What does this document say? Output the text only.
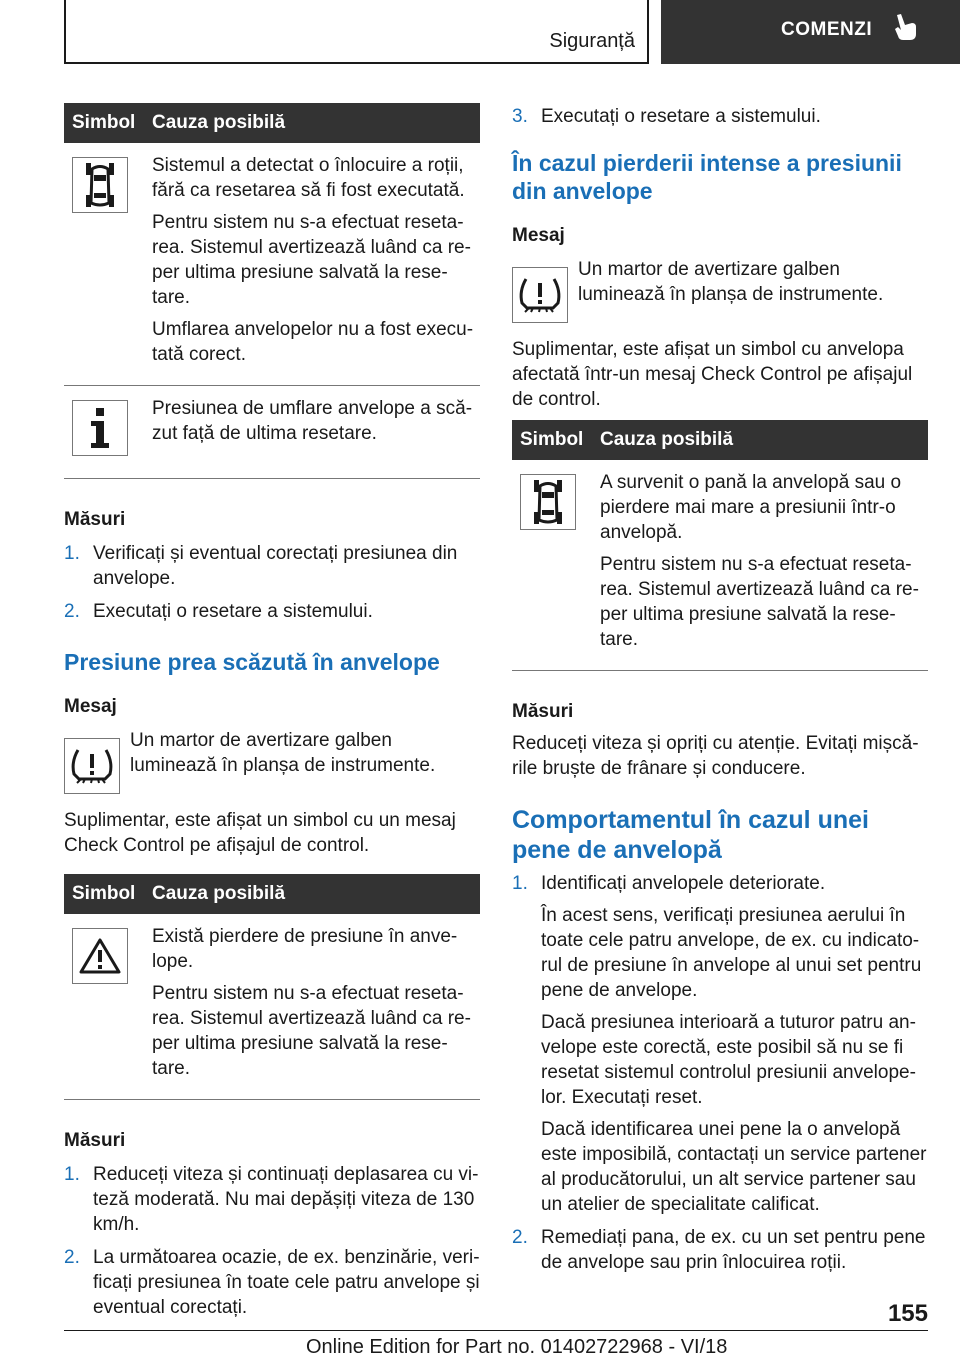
Siguranță
COMENZI
Simbol	Cauza posibilă

Sistemul a detectat o înlocuire a roții, fără ca resetarea să fi fost executată.

Pentru sistem nu s-a efectuat reseta-rea. Sistemul avertizează luând ca re-per ultima presiune salvată la rese-tare.

Umflarea anvelopelor nu a fost execu-tată corect.

Presiunea de umflare anvelope a scă-zut față de ultima resetare.

Măsuri
1. Verificați și eventual corectați presiunea din anvelope.
2. Executați o resetare a sistemului.
Presiune prea scăzută în anvelope
Mesaj
Un martor de avertizare galben luminează în planșa de instrumente.
Suplimentar, este afișat un simbol cu un mesaj Check Control pe afișajul de control.
Simbol	Cauza posibilă

Există pierdere de presiune în anve-lope.

Pentru sistem nu s-a efectuat reseta-rea. Sistemul avertizează luând ca re-per ultima presiune salvată la rese-tare.

Măsuri
1. Reduceți viteza și continuați deplasarea cu vi-teză moderată. Nu mai depășiți viteza de 130 km/h.
2. La următoarea ocazie, de ex. benzinărie, veri-ficați presiunea în toate cele patru anvelope și eventual corectați.
3. Executați o resetare a sistemului.
În cazul pierderii intense a presiunii din anvelope
Mesaj
Un martor de avertizare galben luminează în planșa de instrumente.
Suplimentar, este afișat un simbol cu anvelopa afectată într-un mesaj Check Control pe afișajul de control.
Simbol	Cauza posibilă

A survenit o pană la anvelopă sau o pierdere mai mare a presiunii într-o anvelopă.

Pentru sistem nu s-a efectuat reseta-rea. Sistemul avertizează luând ca re-per ultima presiune salvată la rese-tare.

Măsuri
Reduceți viteza și opriți cu atenție. Evitați mișcă-rile bruște de frânare și conducere.
Comportamentul în cazul unei pene de anvelopă
1. Identificați anvelopele deteriorate.

În acest sens, verificați presiunea aerului în toate cele patru anvelope, de ex. cu indicato-rul de presiune în anvelope al unui set pentru pene de anvelope.

Dacă presiunea interioară a tuturor patru an-velope este corectă, este posibil să nu se fi resetat sistemul controlul presiunii anvelope-lor. Executați reset.

Dacă identificarea unei pene la o anvelopă este imposibilă, contactați un service partener al producătorului, un alt service partener sau un atelier de specialitate calificat.

2. Remediați pana, de ex. cu un set pentru pene de anvelope sau prin înlocuirea roții.
155
Online Edition for Part no. 01402722968 - VI/18
